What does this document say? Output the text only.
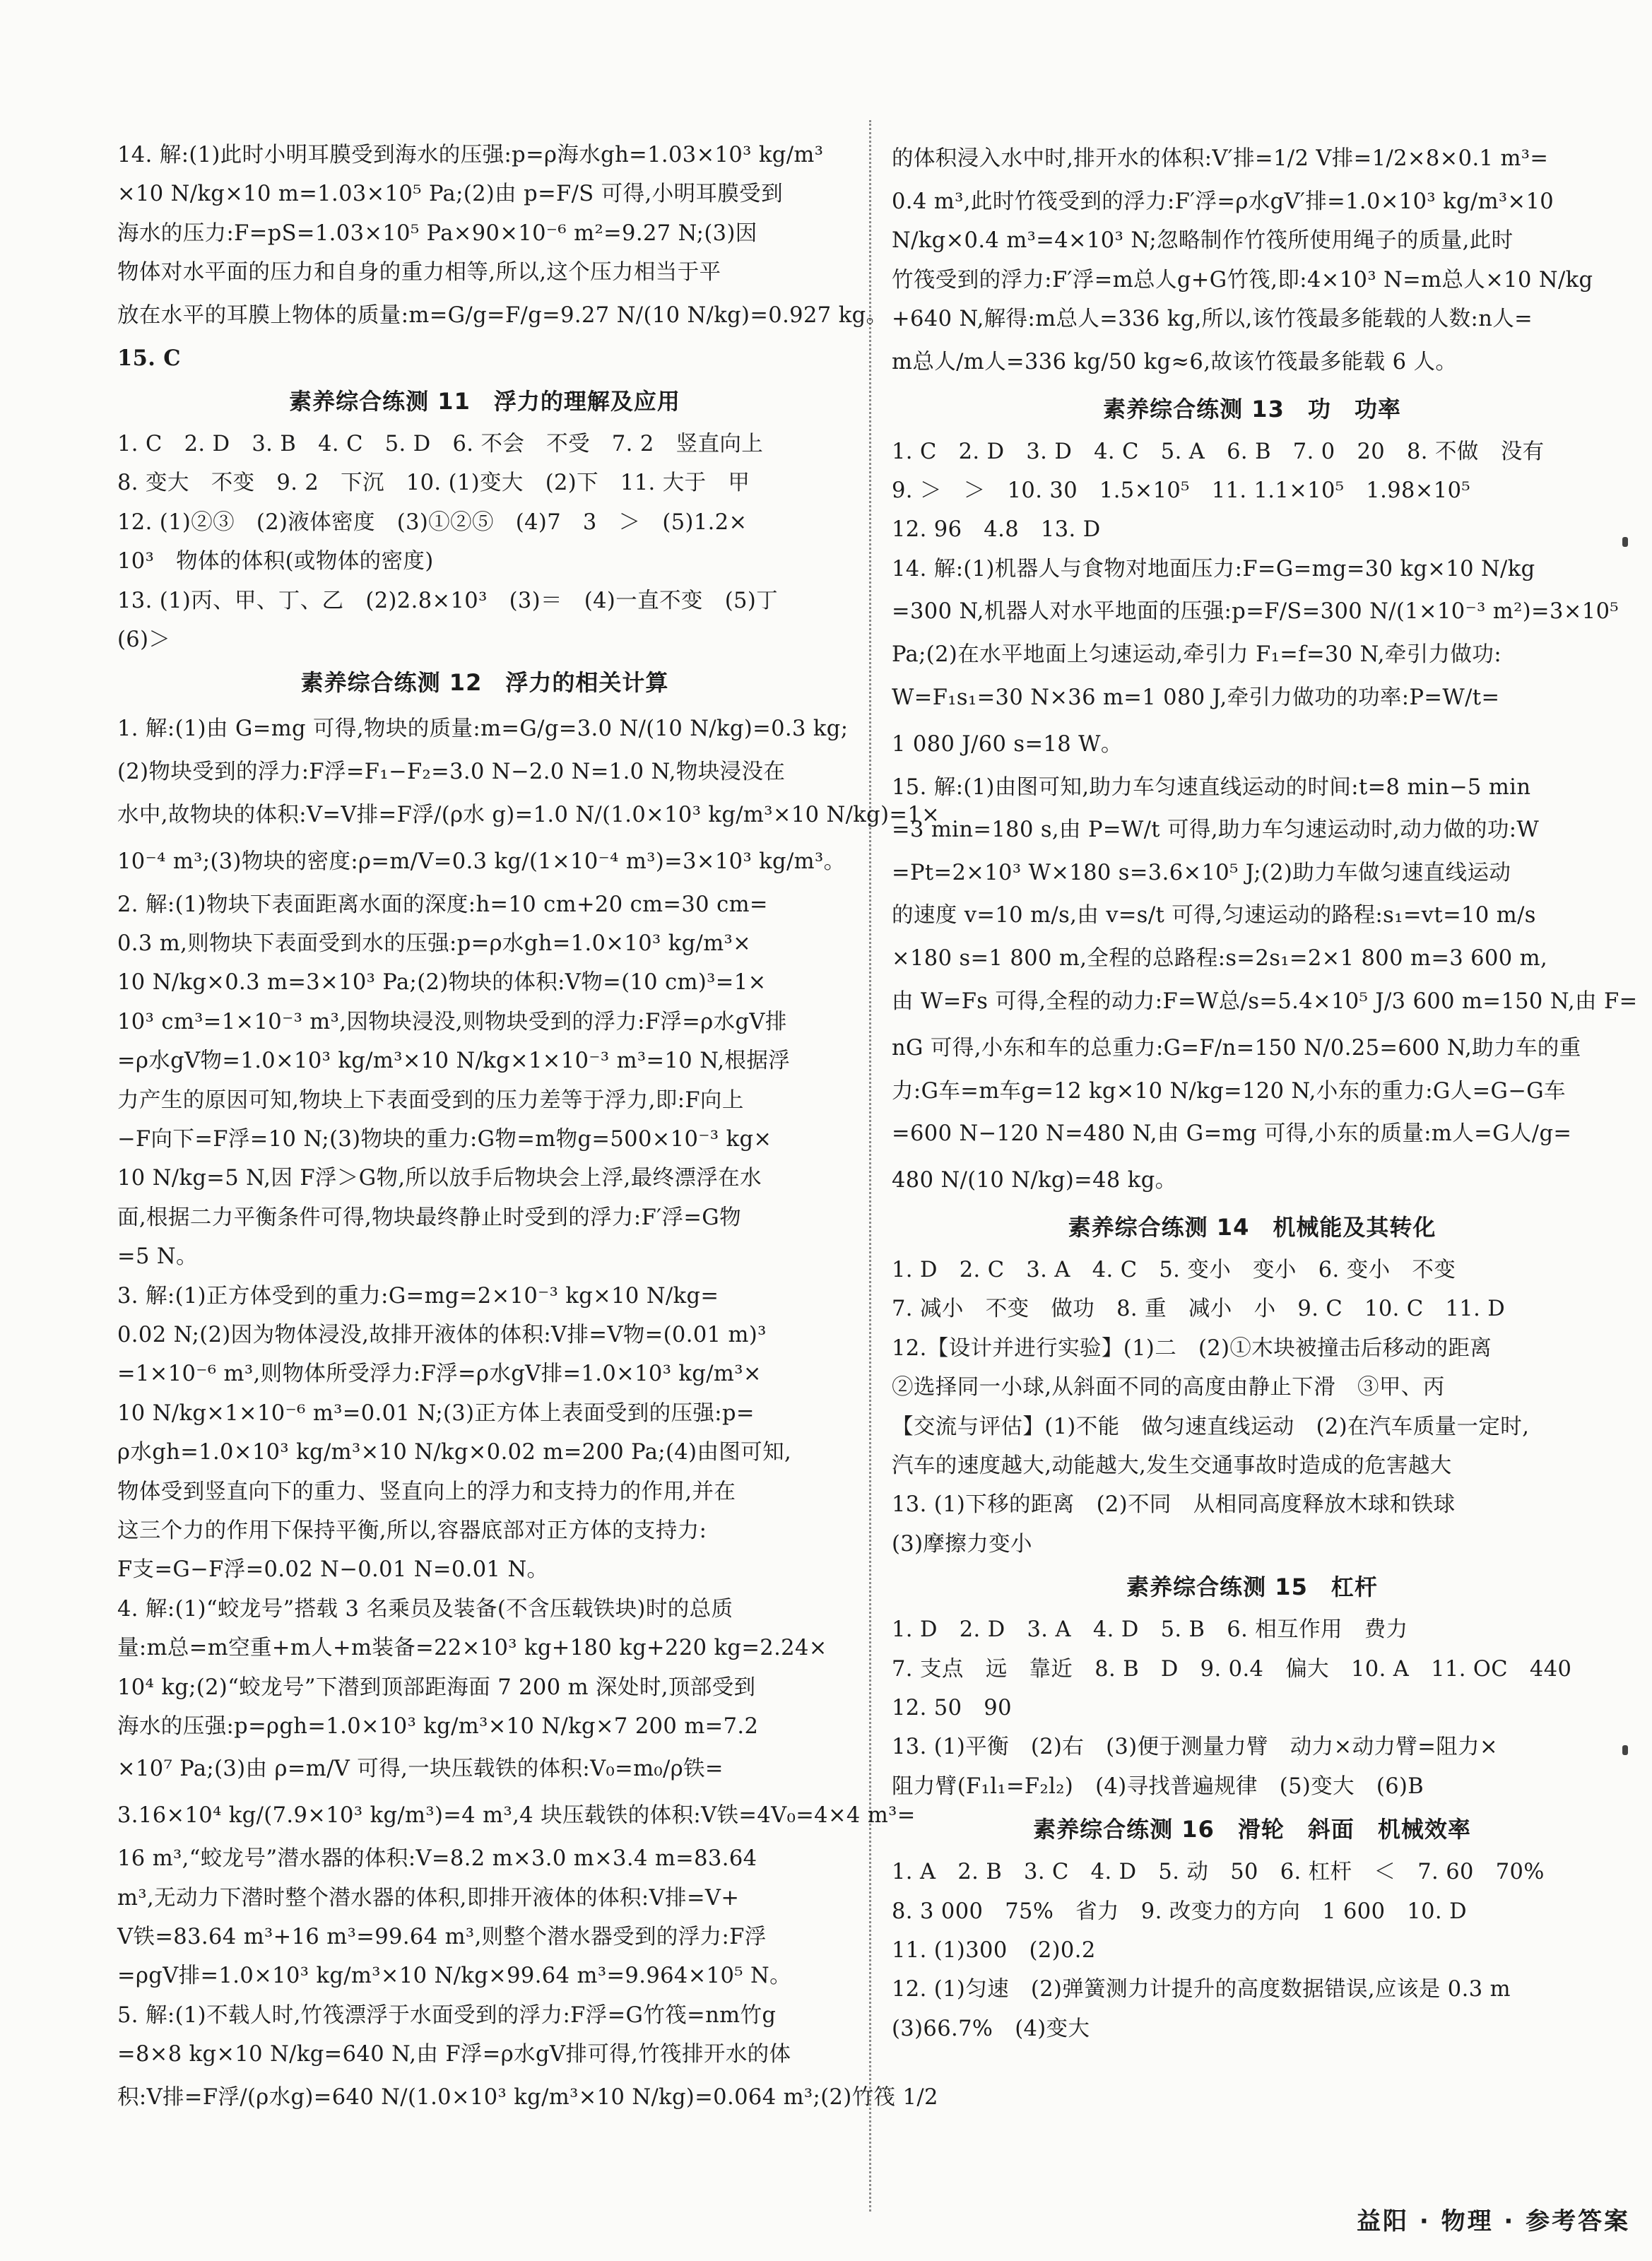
14. 解:(1)此时小明耳膜受到海水的压强:p=ρ海水gh=1.03×10³ kg/m³
×10 N/kg×10 m=1.03×10⁵ Pa;(2)由 p=F/S 可得,小明耳膜受到
海水的压力:F=pS=1.03×10⁵ Pa×90×10⁻⁶ m²=9.27 N;(3)因
物体对水平面的压力和自身的重力相等,所以,这个压力相当于平
放在水平的耳膜上物体的质量:m=G/g=F/g=9.27 N/(10 N/kg)=0.927 kg。
15. C
素养综合练测 11　浮力的理解及应用
1. C　2. D　3. B　4. C　5. D　6. 不会　不受　7. 2　竖直向上
8. 变大　不变　9. 2　下沉　10. (1)变大　(2)下　11. 大于　甲
12. (1)②③　(2)液体密度　(3)①②⑤　(4)7　3　＞　(5)1.2×
10³　物体的体积(或物体的密度)
13. (1)丙、甲、丁、乙　(2)2.8×10³　(3)＝　(4)一直不变　(5)丁
(6)＞
素养综合练测 12　浮力的相关计算
1. 解:(1)由 G=mg 可得,物块的质量:m=G/g=3.0 N/(10 N/kg)=0.3 kg;
(2)物块受到的浮力:F浮=F₁−F₂=3.0 N−2.0 N=1.0 N,物块浸没在
水中,故物块的体积:V=V排=F浮/(ρ水 g)=1.0 N/(1.0×10³ kg/m³×10 N/kg)=1×
10⁻⁴ m³;(3)物块的密度:ρ=m/V=0.3 kg/(1×10⁻⁴ m³)=3×10³ kg/m³。
2. 解:(1)物块下表面距离水面的深度:h=10 cm+20 cm=30 cm=
0.3 m,则物块下表面受到水的压强:p=ρ水gh=1.0×10³ kg/m³×
10 N/kg×0.3 m=3×10³ Pa;(2)物块的体积:V物=(10 cm)³=1×
10³ cm³=1×10⁻³ m³,因物块浸没,则物块受到的浮力:F浮=ρ水gV排
=ρ水gV物=1.0×10³ kg/m³×10 N/kg×1×10⁻³ m³=10 N,根据浮
力产生的原因可知,物块上下表面受到的压力差等于浮力,即:F向上
−F向下=F浮=10 N;(3)物块的重力:G物=m物g=500×10⁻³ kg×
10 N/kg=5 N,因 F浮＞G物,所以放手后物块会上浮,最终漂浮在水
面,根据二力平衡条件可得,物块最终静止时受到的浮力:F′浮=G物
=5 N。
3. 解:(1)正方体受到的重力:G=mg=2×10⁻³ kg×10 N/kg=
0.02 N;(2)因为物体浸没,故排开液体的体积:V排=V物=(0.01 m)³
=1×10⁻⁶ m³,则物体所受浮力:F浮=ρ水gV排=1.0×10³ kg/m³×
10 N/kg×1×10⁻⁶ m³=0.01 N;(3)正方体上表面受到的压强:p=
ρ水gh=1.0×10³ kg/m³×10 N/kg×0.02 m=200 Pa;(4)由图可知,
物体受到竖直向下的重力、竖直向上的浮力和支持力的作用,并在
这三个力的作用下保持平衡,所以,容器底部对正方体的支持力:
F支=G−F浮=0.02 N−0.01 N=0.01 N。
4. 解:(1)“蛟龙号”搭载 3 名乘员及装备(不含压载铁块)时的总质
量:m总=m空重+m人+m装备=22×10³ kg+180 kg+220 kg=2.24×
10⁴ kg;(2)“蛟龙号”下潜到顶部距海面 7 200 m 深处时,顶部受到
海水的压强:p=ρgh=1.0×10³ kg/m³×10 N/kg×7 200 m=7.2
×10⁷ Pa;(3)由 ρ=m/V 可得,一块压载铁的体积:V₀=m₀/ρ铁=
3.16×10⁴ kg/(7.9×10³ kg/m³)=4 m³,4 块压载铁的体积:V铁=4V₀=4×4 m³=
16 m³,“蛟龙号”潜水器的体积:V=8.2 m×3.0 m×3.4 m=83.64
m³,无动力下潜时整个潜水器的体积,即排开液体的体积:V排=V+
V铁=83.64 m³+16 m³=99.64 m³,则整个潜水器受到的浮力:F浮
=ρgV排=1.0×10³ kg/m³×10 N/kg×99.64 m³=9.964×10⁵ N。
5. 解:(1)不载人时,竹筏漂浮于水面受到的浮力:F浮=G竹筏=nm竹g
=8×8 kg×10 N/kg=640 N,由 F浮=ρ水gV排可得,竹筏排开水的体
积:V排=F浮/(ρ水g)=640 N/(1.0×10³ kg/m³×10 N/kg)=0.064 m³;(2)竹筏 1/2
的体积浸入水中时,排开水的体积:V′排=1/2 V排=1/2×8×0.1 m³=
0.4 m³,此时竹筏受到的浮力:F′浮=ρ水gV′排=1.0×10³ kg/m³×10
N/kg×0.4 m³=4×10³ N;忽略制作竹筏所使用绳子的质量,此时
竹筏受到的浮力:F′浮=m总人g+G竹筏,即:4×10³ N=m总人×10 N/kg
+640 N,解得:m总人=336 kg,所以,该竹筏最多能载的人数:n人=
m总人/m人=336 kg/50 kg≈6,故该竹筏最多能载 6 人。
素养综合练测 13　功　功率
1. C　2. D　3. D　4. C　5. A　6. B　7. 0　20　8. 不做　没有
9. ＞　＞　10. 30　1.5×10⁵　11. 1.1×10⁵　1.98×10⁵
12. 96　4.8　13. D
14. 解:(1)机器人与食物对地面压力:F=G=mg=30 kg×10 N/kg
=300 N,机器人对水平地面的压强:p=F/S=300 N/(1×10⁻³ m²)=3×10⁵
Pa;(2)在水平地面上匀速运动,牵引力 F₁=f=30 N,牵引力做功:
W=F₁s₁=30 N×36 m=1 080 J,牵引力做功的功率:P=W/t=
1 080 J/60 s=18 W。
15. 解:(1)由图可知,助力车匀速直线运动的时间:t=8 min−5 min
=3 min=180 s,由 P=W/t 可得,助力车匀速运动时,动力做的功:W
=Pt=2×10³ W×180 s=3.6×10⁵ J;(2)助力车做匀速直线运动
的速度 v=10 m/s,由 v=s/t 可得,匀速运动的路程:s₁=vt=10 m/s
×180 s=1 800 m,全程的总路程:s=2s₁=2×1 800 m=3 600 m,
由 W=Fs 可得,全程的动力:F=W总/s=5.4×10⁵ J/3 600 m=150 N,由 F=
nG 可得,小东和车的总重力:G=F/n=150 N/0.25=600 N,助力车的重
力:G车=m车g=12 kg×10 N/kg=120 N,小东的重力:G人=G−G车
=600 N−120 N=480 N,由 G=mg 可得,小东的质量:m人=G人/g=
480 N/(10 N/kg)=48 kg。
素养综合练测 14　机械能及其转化
1. D　2. C　3. A　4. C　5. 变小　变小　6. 变小　不变
7. 减小　不变　做功　8. 重　减小　小　9. C　10. C　11. D
12.【设计并进行实验】(1)二　(2)①木块被撞击后移动的距离
②选择同一小球,从斜面不同的高度由静止下滑　③甲、丙
【交流与评估】(1)不能　做匀速直线运动　(2)在汽车质量一定时,
汽车的速度越大,动能越大,发生交通事故时造成的危害越大
13. (1)下移的距离　(2)不同　从相同高度释放木球和铁球
(3)摩擦力变小
素养综合练测 15　杠杆
1. D　2. D　3. A　4. D　5. B　6. 相互作用　费力
7. 支点　远　靠近　8. B　D　9. 0.4　偏大　10. A　11. OC　440
12. 50　90
13. (1)平衡　(2)右　(3)便于测量力臂　动力×动力臂=阻力×
阻力臂(F₁l₁=F₂l₂)　(4)寻找普遍规律　(5)变大　(6)B
素养综合练测 16　滑轮　斜面　机械效率
1. A　2. B　3. C　4. D　5. 动　50　6. 杠杆　＜　7. 60　70%
8. 3 000　75%　省力　9. 改变力的方向　1 600　10. D
11. (1)300　(2)0.2
12. (1)匀速　(2)弹簧测力计提升的高度数据错误,应该是 0.3 m
(3)66.7%　(4)变大
益阳 · 物理 · 参考答案
